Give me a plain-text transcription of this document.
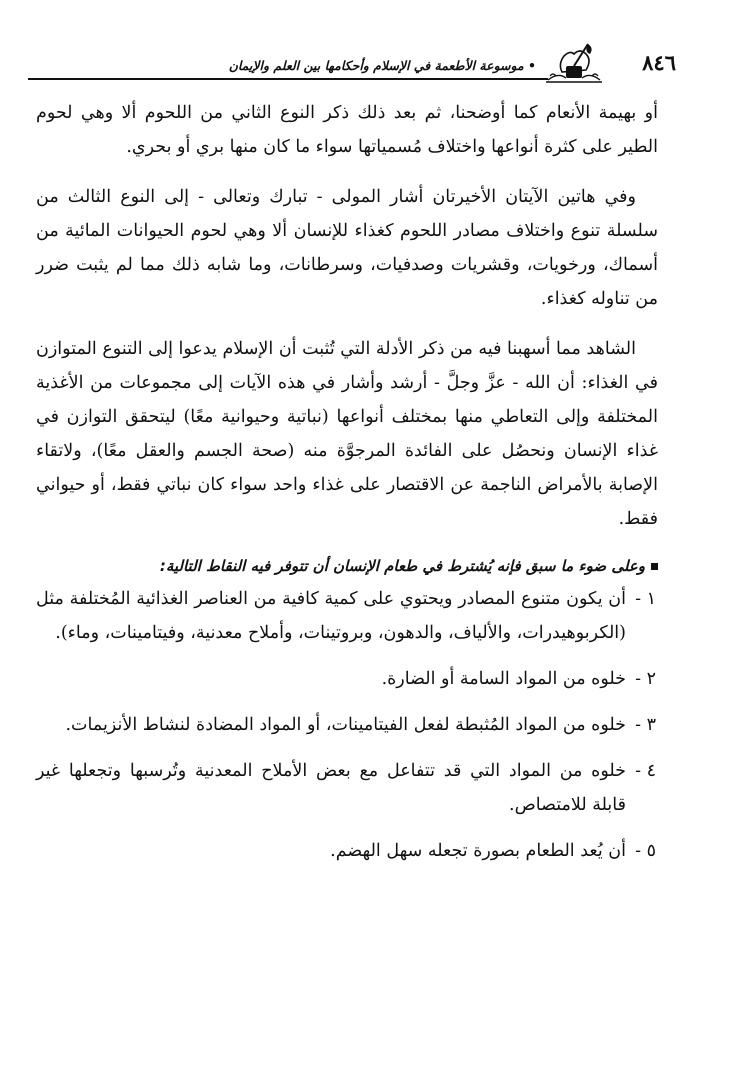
٨٤٦
• موسوعة الأطعمة في الإسلام وأحكامها بين العلم والإيمان

أو بهيمة الأنعام كما أوضحنا، ثم بعد ذلك ذكر النوع الثاني من اللحوم ألا وهي لحوم الطير على كثرة أنواعها واختلاف مُسمياتها سواء ما كان منها بري أو بحري.

وفي هاتين الآيتان الأخيرتان أشار المولى - تبارك وتعالى - إلى النوع الثالث من سلسلة تنوع واختلاف مصادر اللحوم كغذاء للإنسان ألا وهي لحوم الحيوانات المائية من أسماك، ورخويات، وقشريات وصدفيات، وسرطانات، وما شابه ذلك مما لم يثبت ضرر من تناوله كغذاء.

الشاهد مما أسهبنا فيه من ذكر الأدلة التي تُثبت أن الإسلام يدعوا إلى التنوع المتوازن في الغذاء: أن الله - عزَّ وجلَّ - أرشد وأشار في هذه الآيات إلى مجموعات من الأغذية المختلفة وإلى التعاطي منها بمختلف أنواعها (نباتية وحيوانية معًا) ليتحقق التوازن في غذاء الإنسان ونحصُل على الفائدة المرجوَّة منه (صحة الجسم والعقل معًا)، ولاتقاء الإصابة بالأمراض الناجمة عن الاقتصار على غذاء واحد سواء كان نباتي فقط، أو حيواني فقط.

وعلى ضوء ما سبق فإنه يُشترط في طعام الإنسان أن تتوفر فيه النقاط التالية:
١ -
أن يكون متنوع المصادر ويحتوي على كمية كافية من العناصر الغذائية المُختلفة مثل (الكربوهيدرات، والألياف، والدهون، وبروتينات، وأملاح معدنية، وفيتامينات، وماء).
٢ -
خلوه من المواد السامة أو الضارة.
٣ -
خلوه من المواد المُثبطة لفعل الفيتامينات، أو المواد المضادة لنشاط الأنزيمات.
٤ -
خلوه من المواد التي قد تتفاعل مع بعض الأملاح المعدنية وتُرسبها وتجعلها غير قابلة للامتصاص.
٥ -
أن يُعد الطعام بصورة تجعله سهل الهضم.
